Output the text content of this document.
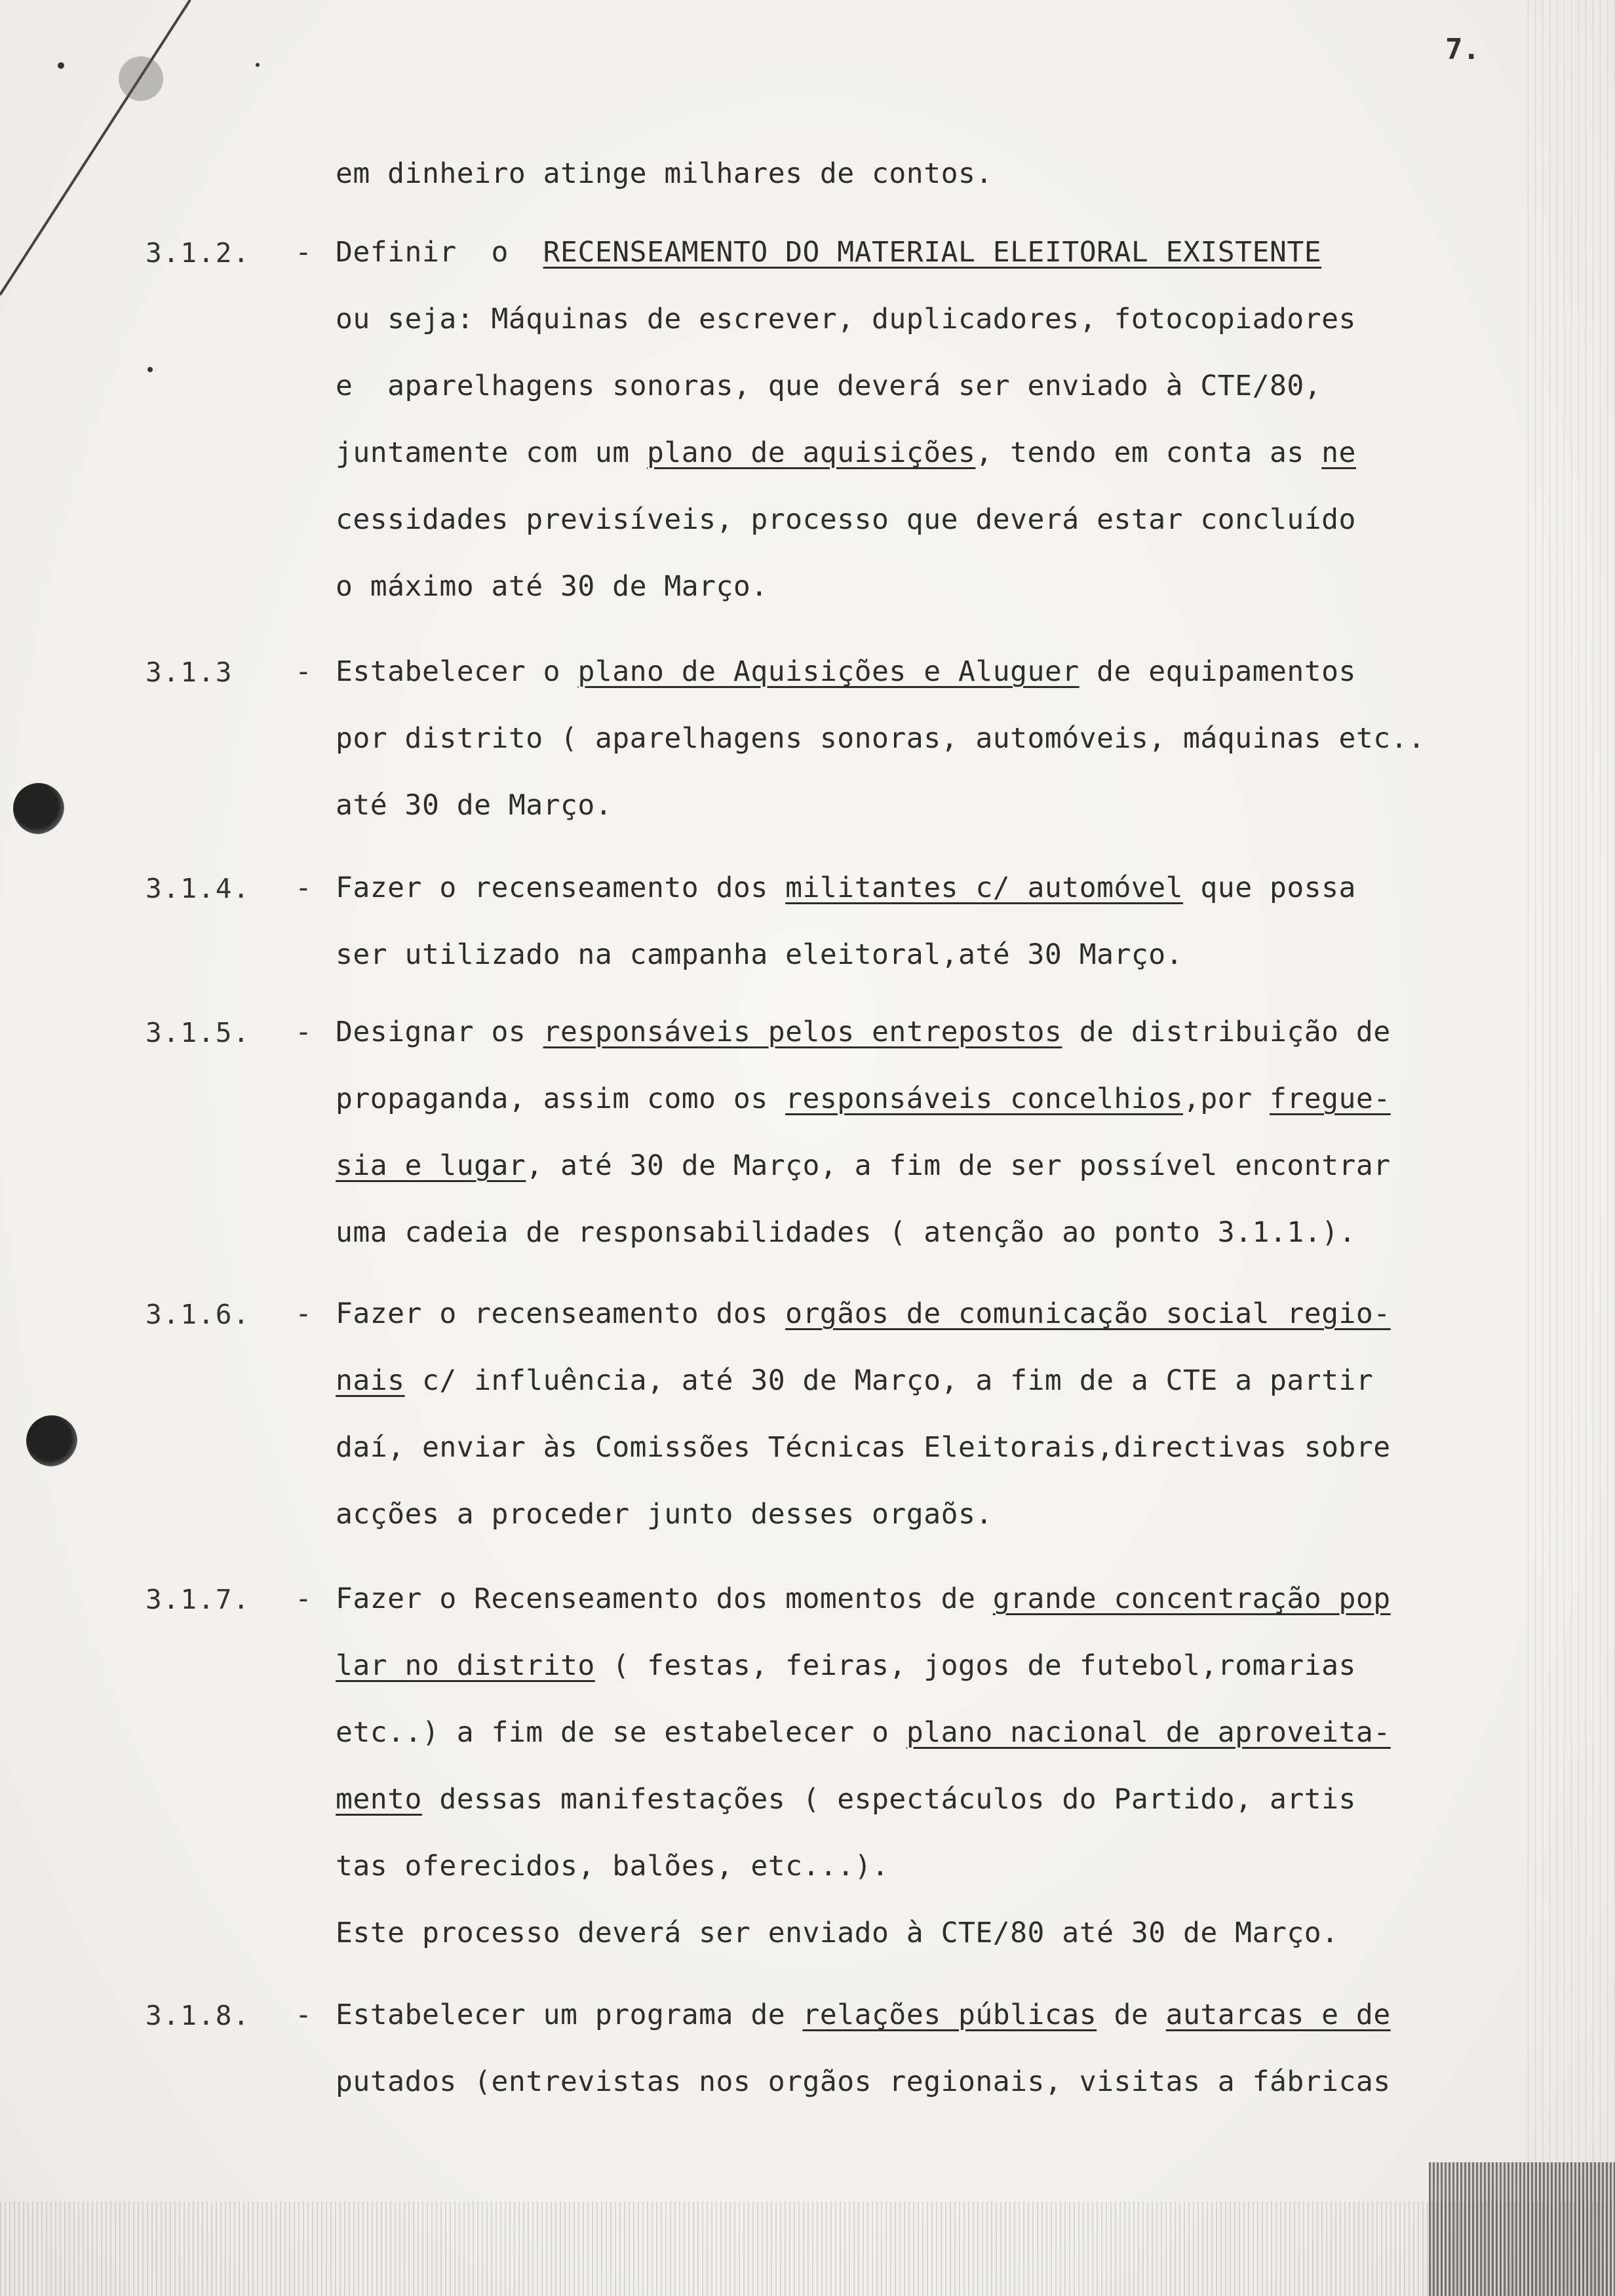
7.
em dinheiro atinge milhares de contos.
3.1.2. - Definir  o  RECENSEAMENTO DO MATERIAL ELEITORAL EXISTENTE
ou seja: Máquinas de escrever, duplicadores, fotocopiadores
e  aparelhagens sonoras, que deverá ser enviado à CTE/80,
juntamente com um plano de aquisições, tendo em conta as ne
cessidades previsíveis, processo que deverá estar concluído
o máximo até 30 de Março.
3.1.3 - Estabelecer o plano de Aquisições e Aluguer de equipamentos
por distrito ( aparelhagens sonoras, automóveis, máquinas etc..
até 30 de Março.
3.1.4. - Fazer o recenseamento dos militantes c/ automóvel que possa
ser utilizado na campanha eleitoral,até 30 Março.
3.1.5. - Designar os responsáveis pelos entrepostos de distribuição de
propaganda, assim como os responsáveis concelhios,por fregue-
sia e lugar, até 30 de Março, a fim de ser possível encontrar
uma cadeia de responsabilidades ( atenção ao ponto 3.1.1.).
3.1.6. - Fazer o recenseamento dos orgãos de comunicação social regio-
nais c/ influência, até 30 de Março, a fim de a CTE a partir
daí, enviar às Comissões Técnicas Eleitorais,directivas sobre
acções a proceder junto desses orgaõs.
3.1.7. - Fazer o Recenseamento dos momentos de grande concentração pop
lar no distrito ( festas, feiras, jogos de futebol,romarias
etc..) a fim de se estabelecer o plano nacional de aproveita-
mento dessas manifestações ( espectáculos do Partido, artis
tas oferecidos, balões, etc...).
Este processo deverá ser enviado à CTE/80 até 30 de Março.
3.1.8. - Estabelecer um programa de relações públicas de autarcas e de
putados (entrevistas nos orgãos regionais, visitas a fábricas
